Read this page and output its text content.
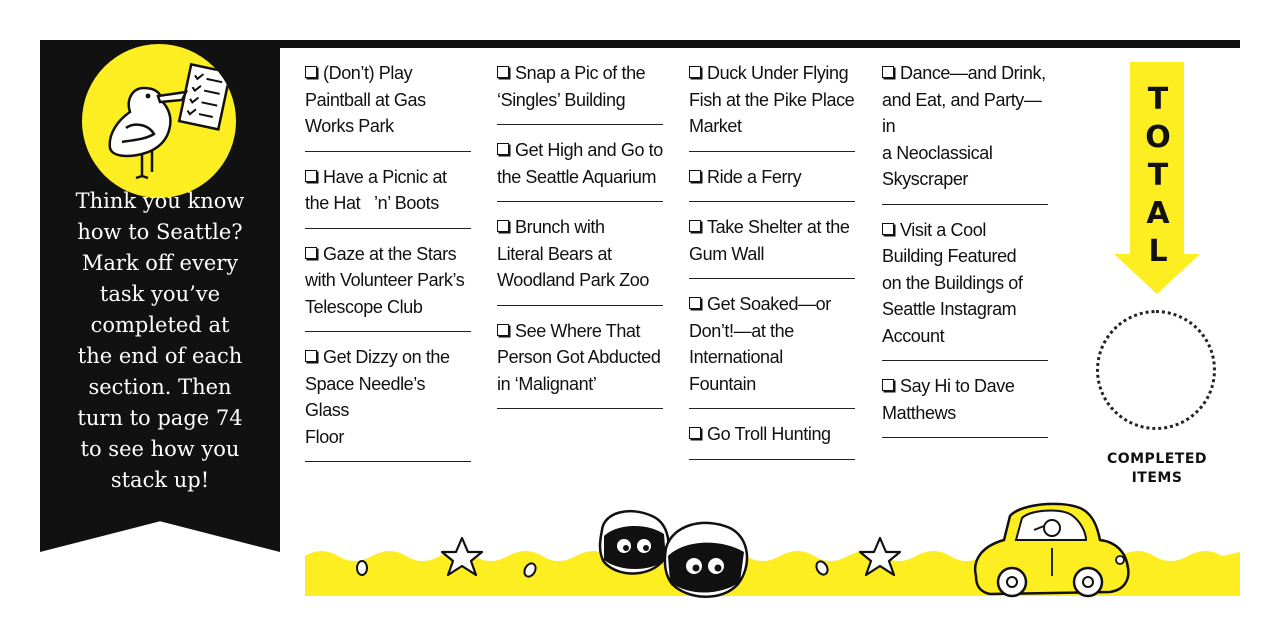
Think you know
how to Seattle?
Mark off every
task you’ve
completed at
the end of each
section. Then
turn to page 74
to see how you
stack up!
(Don’t) Play
Paintball at Gas
Works Park
Have a Picnic at
the Hat   ’n’ Boots
Gaze at the Stars
with Volunteer Park’s
Telescope Club
Get Dizzy on the
Space Needle’s Glass
Floor
Snap a Pic of the
‘Singles’ Building
Get High and Go to
the Seattle Aquarium
Brunch with
Literal Bears at
Woodland Park Zoo
See Where That
Person Got Abducted
in ‘Malignant’
Duck Under Flying
Fish at the Pike Place
Market
Ride a Ferry
Take Shelter at the
Gum Wall
Get Soaked—or
Don’t!—at the
International
Fountain
Go Troll Hunting
Dance—and Drink,
and Eat, and Party—in
a Neoclassical
Skyscraper
Visit a Cool
Building Featured
on the Buildings of
Seattle Instagram
Account
Say Hi to Dave
Matthews
T
O
T
A
L
COMPLETED
ITEMS
